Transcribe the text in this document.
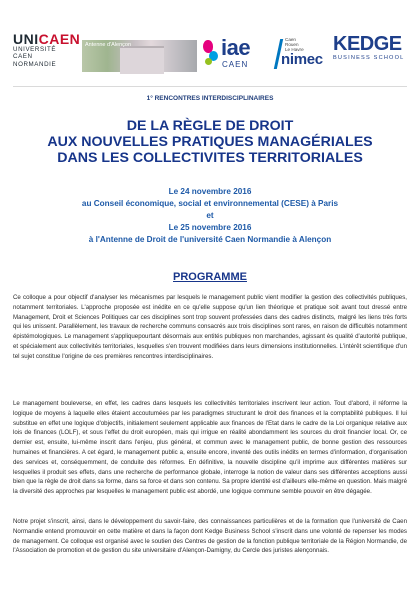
UNICAEN
UNIVERSITÉ
CAEN
NORMANDIE
Antenne d'Alençon	iae
CAEN
Caen
Rouen
Le Havre
nimec
KEDGE
BUSINESS SCHOOL
1° RENCONTRES INTERDISCIPLINAIRES
DE LA RÈGLE DE DROIT
AUX NOUVELLES PRATIQUES MANAGÉRIALES
DANS LES COLLECTIVITES TERRITORIALES
Le 24 novembre 2016
au Conseil économique, social et environnemental (CESE) à Paris
et
Le 25 novembre 2016
à l'Antenne de Droit de l'université Caen Normandie à Alençon
PROGRAMME

Ce colloque a pour objectif d'analyser les mécanismes par lesquels le management public vient modifier la gestion des collectivités publiques, notamment territoriales. L'approche proposée est inédite en ce qu'elle suppose qu'un lien théorique et pratique soit avant tout dressé entre Management, Droit et Sciences Politiques car ces disciplines sont trop souvent professées dans des cadres distincts, malgré les liens très forts qui les unissent. Parallèlement, les travaux de recherche communs consacrés aux trois disciplines sont rares, en raison de difficultés notamment épistémologiques. Le management s'appliquepourtant désormais aux entités publiques non marchandes, agissant ès qualité d'autorité publique, et spécialement aux collectivités territoriales, lesquelles s'en trouvent modifiées dans leurs dimensions institutionnelles. L'intérêt scientifique d'un tel sujet constitue l'origine de ces premières rencontres interdisciplinaires.

Le management bouleverse, en effet, les cadres dans lesquels les collectivités territoriales inscrivent leur action. Tout d'abord, il réforme la logique de moyens à laquelle elles étaient accoutumées par les paradigmes structurant le droit des finances et la comptabilité publiques. Il lui substitue en effet une logique d'objectifs, initialement seulement applicable aux finances de l'Etat dans le cadre de la Loi organique relative aux lois de finances (LOLF), et sous l'effet du droit européen, mais qui irrigue en réalité abondamment les sources du droit financier local. Or, ce dernier est, ensuite, lui-même inscrit dans l'enjeu, plus général, et commun avec le management public, de bonne gestion des ressources humaines et financières. A cet égard, le management public a, ensuite encore, inventé des outils inédits en termes d'information, d'organisation des services et, conséquemment, de conduite des réformes. En définitive, la nouvelle discipline qu'il imprime aux différentes matières sur lesquelles il produit ses effets, dans une recherche de performance globale, interroge la notion de valeur dans ses différentes acceptions aussi bien que la règle de droit dans sa forme, dans sa force et dans son contenu. Sa propre identité est d'ailleurs elle-même en question. Mais malgré la diversité des approches par lesquelles le management public est abordé, une logique commune semble pouvoir en être dégagée.

Notre projet s'inscrit, ainsi, dans le développement du savoir-faire, des connaissances particulières et de la formation que l'université de Caen Normandie entend promouvoir en cette matière et dans la façon dont Kedge Business School s'inscrit dans une volonté de repenser les modes de management. Ce colloque est organisé avec le soutien des Centres de gestion de la fonction publique territoriale de la Région Normandie, de l'Association de promotion et de gestion du site universitaire d'Alençon-Damigny, du Cercle des juristes alençonnais.
